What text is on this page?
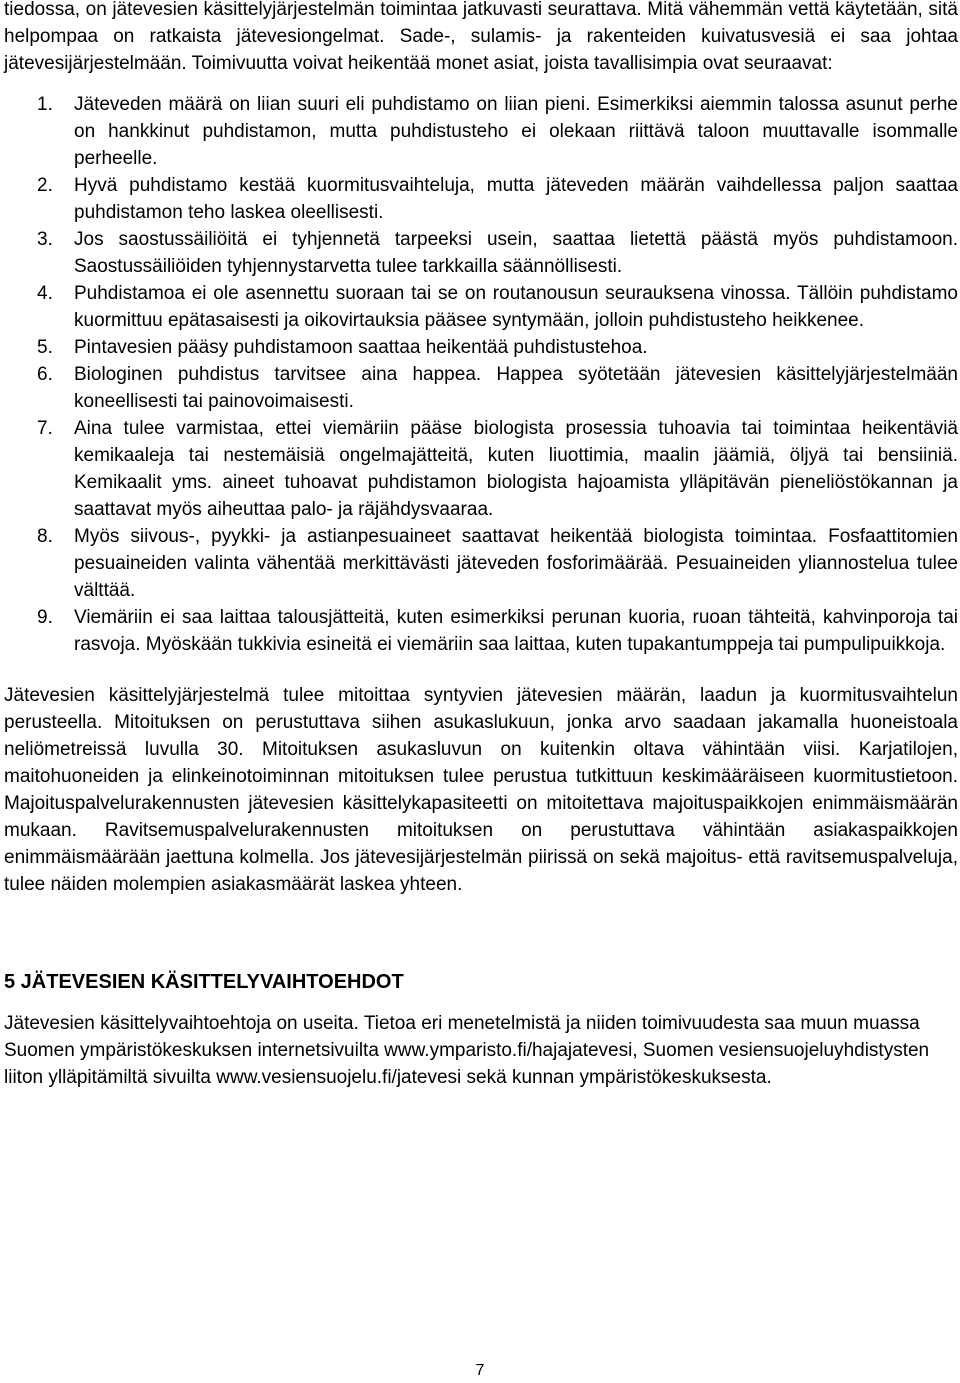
tiedossa, on jätevesien käsittelyjärjestelmän toimintaa jatkuvasti seurattava. Mitä vähemmän vettä käytetään, sitä helpompaa on ratkaista jätevesiongelmat. Sade-, sulamis- ja rakenteiden kuivatusvesiä ei saa johtaa jätevesijärjestelmään. Toimivuutta voivat heikentää monet asiat, joista tavallisimpia ovat seuraavat:

1. Jäteveden määrä on liian suuri eli puhdistamo on liian pieni. Esimerkiksi aiemmin talossa asunut perhe on hankkinut puhdistamon, mutta puhdistusteho ei olekaan riittävä taloon muuttavalle isommalle perheelle.
2. Hyvä puhdistamo kestää kuormitusvaihteluja, mutta jäteveden määrän vaihdellessa paljon saattaa puhdistamon teho laskea oleellisesti.
3. Jos saostussäiliöitä ei tyhjennetä tarpeeksi usein, saattaa lietettä päästä myös puhdistamoon. Saostussäiliöiden tyhjennystarvetta tulee tarkkailla säännöllisesti.
4. Puhdistamoa ei ole asennettu suoraan tai se on routanousun seurauksena vinossa. Tällöin puhdistamo kuormittuu epätasaisesti ja oikovirtauksia pääsee syntymään, jolloin puhdistusteho heikkenee.
5. Pintavesien pääsy puhdistamoon saattaa heikentää puhdistustehoa.
6. Biologinen puhdistus tarvitsee aina happea. Happea syötetään jätevesien käsittelyjärjestelmään koneellisesti tai painovoimaisesti.
7. Aina tulee varmistaa, ettei viemäriin pääse biologista prosessia tuhoavia tai toimintaa heikentäviä kemikaaleja tai nestemäisiä ongelmajätteitä, kuten liuottimia, maalin jäämiä, öljyä tai bensiiniä. Kemikaalit yms. aineet tuhoavat puhdistamon biologista hajoamista ylläpitävän pieneliöstökannan ja saattavat myös aiheuttaa palo- ja räjähdysvaaraa.
8. Myös siivous-, pyykki- ja astianpesuaineet saattavat heikentää biologista toimintaa. Fosfaattitomien pesuaineiden valinta vähentää merkittävästi jäteveden fosforimäärää. Pesuaineiden yliannostelua tulee välttää.
9. Viemäriin ei saa laittaa talousjätteitä, kuten esimerkiksi perunan kuoria, ruoan tähteitä, kahvinporoja tai rasvoja. Myöskään tukkivia esineitä ei viemäriin saa laittaa, kuten tupakantumppeja tai pumpulipuikkoja.

Jätevesien käsittelyjärjestelmä tulee mitoittaa syntyvien jätevesien määrän, laadun ja kuormitusvaihtelun perusteella. Mitoituksen on perustuttava siihen asukaslukuun, jonka arvo saadaan jakamalla huoneistoala neliömetreissä luvulla 30. Mitoituksen asukasluvun on kuitenkin oltava vähintään viisi. Karjatilojen, maitohuoneiden ja elinkeinotoiminnan mitoituksen tulee perustua tutkittuun keskimääräiseen kuormitustietoon. Majoituspalvelurakennusten jätevesien käsittelykapasiteetti on mitoitettava majoituspaikkojen enimmäismäärän mukaan. Ravitsemuspalvelurakennusten mitoituksen on perustuttava vähintään asiakaspaikkojen enimmäismäärään jaettuna kolmella. Jos jätevesijärjestelmän piirissä on sekä majoitus- että ravitsemuspalveluja, tulee näiden molempien asiakasmäärät laskea yhteen.

5 JÄTEVESIEN KÄSITTELYVAIHTOEHDOT

Jätevesien käsittelyvaihtoehtoja on useita. Tietoa eri menetelmistä ja niiden toimivuudesta saa muun muassa Suomen ympäristökeskuksen internetsivuilta www.ymparisto.fi/hajajatevesi, Suomen vesiensuojeluyhdistysten liiton ylläpitämiltä sivuilta www.vesiensuojelu.fi/jatevesi sekä kunnan ympäristökeskuksesta.

7
